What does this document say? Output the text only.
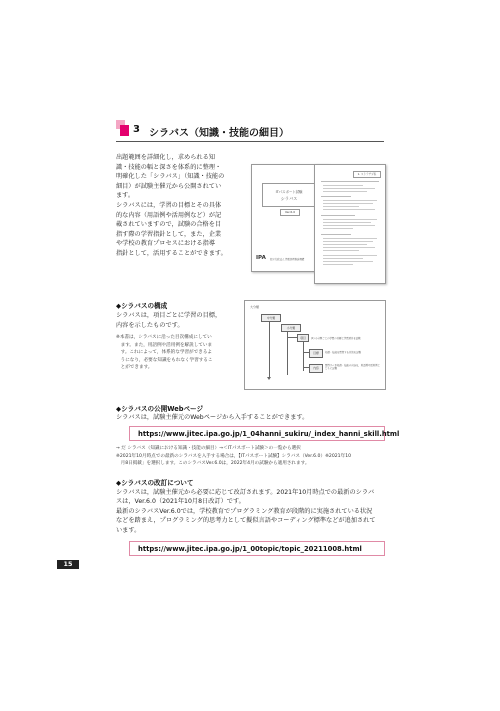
3 シラバス（知識・技能の細目）
出題範囲を詳細化し，求められる知
識・技能の幅と深さを体系的に整理・
明確化した「シラバス」（知識・技能の
細目）が試験主催元から公開されてい
ます。
シラバスには，学習の目標とその具体
的な内容（用語例や活用例など）が記
載されていますので，試験の合格を目
指す際の学習指針として，また，企業
や学校の教育プロセスにおける指導
指針として，活用することができます。
ITパスポート試験
シラバス
Ver.6.0
IPA 独立行政法人 情報処理推進機構
1. ストラテジ系
◆シラバスの構成
シラバスは，項目ごとに学習の目標，
内容を示したものです。
※本書は，シラバスに沿った目次構成にしてい
　ます。また，用語例や活用例を解説していま
　す。これによって，体系的な学習ができるよ
　うになり，必要な知識をもれなく学習するこ
　とができます。
大分類
中分類
小分類
項目	(1) 小分類ごとの学習の目標と学習項目を記載
目標	知識・技能を習得する目的を記載
内容
習得すべき知識・技能の内容を，用語例や活用例とともに記載
◆シラバスの公開Webページ
シラバスは，試験主催元のWebページから入手することができます。
https://www.jitec.ipa.go.jp/1_04hanni_sukiru/_index_hanni_skill.html
→ だ シラバス（知識における知識・技能の細目）→＜ITパスポート試験＞の一覧から選択
※2021年10月時点での最新のシラバスを入手する場合は，【ITパスポート試験】シラバス（Ver.6.0）※2021年10
　月8日掲載」を選択します。このシラバスVer.6.0は，2022年4月の試験から適用されます。
◆シラバスの改訂について
シラバスは，試験主催元から必要に応じて改訂されます。2021年10月時点での最新のシラバ
スは，Ver.6.0（2021年10月8日改訂）です。
最新のシラバスVer.6.0では，学校教育でプログラミング教育が段階的に実施されている状況
などを踏まえ，プログラミング的思考力として擬似言語やコーディング標準などが追加されて
います。
https://www.jitec.ipa.go.jp/1_00topic/topic_20211008.html
15
